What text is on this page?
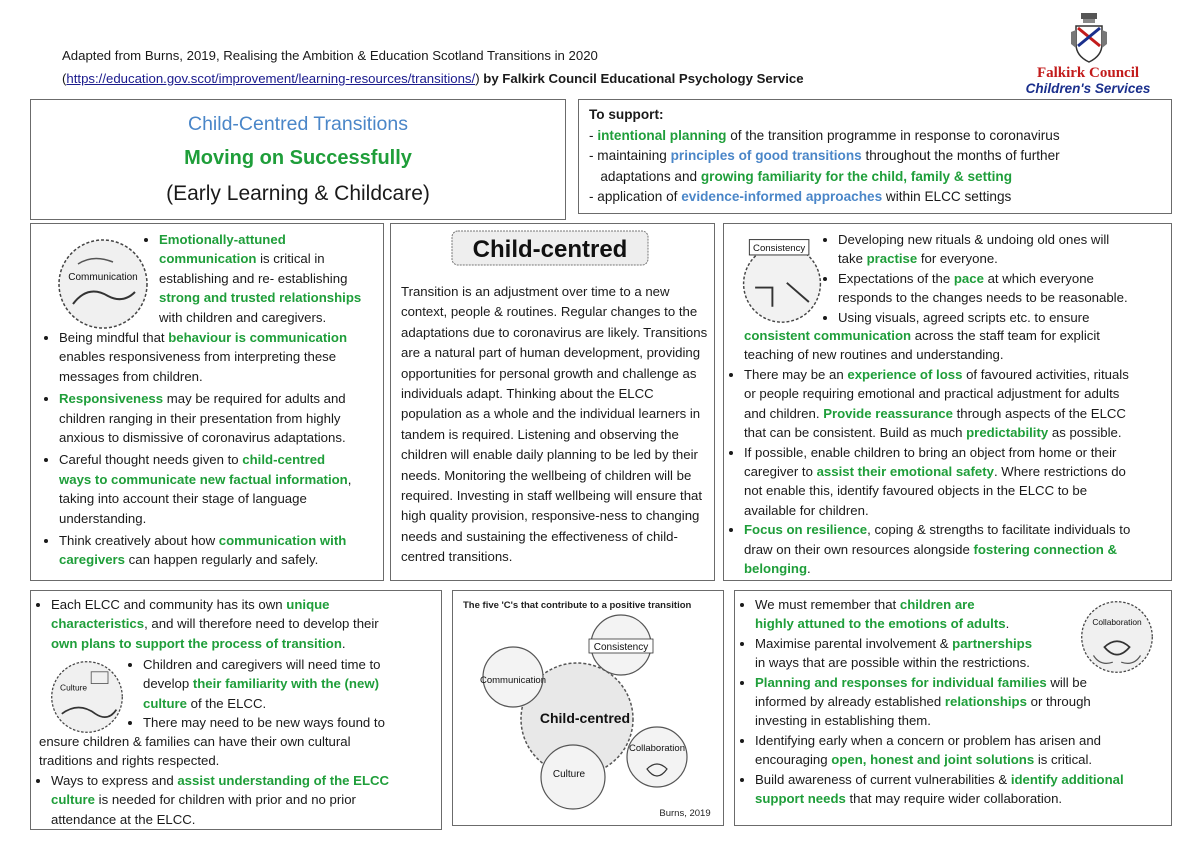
Adapted from Burns, 2019, Realising the Ambition & Education Scotland Transitions in 2020
(https://education.gov.scot/improvement/learning-resources/transitions/) by Falkirk Council Educational Psychology Service	Falkirk Council
Children's Services
Child-Centred Transitions
Moving on Successfully
(Early Learning & Childcare)
To support:
- intentional planning of the transition programme in response to coronavirus
- maintaining principles of good transitions throughout the months of further
adaptations and growing familiarity for the child, family & setting
- application of evidence-informed approaches within ELCC settings
Communication
• Emotionally-attuned
communication is critical in
establishing and re- establishing
strong and trusted relationships
with children and caregivers.
• Being mindful that behaviour is communication
enables responsiveness from interpreting these
messages from children.
• Responsiveness may be required for adults and
children ranging in their presentation from highly
anxious to dismissive of coronavirus adaptations.
• Careful thought needs given to child-centred
ways to communicate new factual information,
taking into account their stage of language
understanding.
• Think creatively about how communication with
caregivers can happen regularly and safely.
Child-centred
Transition is an adjustment over time to a new context, people & routines. Regular changes to the adaptations due to coronavirus are likely. Transitions are a natural part of human development, providing opportunities for personal growth and challenge as individuals adapt. Thinking about the ELCC population as a whole and the individual learners in tandem is required. Listening and observing the children will enable daily planning to be led by their needs. Monitoring the wellbeing of children will be required. Investing in staff wellbeing will ensure that high quality provision, responsive-ness to changing needs and sustaining the effectiveness of child-centred transitions.
Consistency
• Developing new rituals & undoing old ones will
take practise for everyone.
• Expectations of the pace at which everyone
responds to the changes needs to be reasonable.
• Using visuals, agreed scripts etc. to ensure
consistent communication across the staff team for explicit
teaching of new routines and understanding.
• There may be an experience of loss of favoured activities, rituals
or people requiring emotional and practical adjustment for adults
and children. Provide reassurance through aspects of the ELCC
that can be consistent. Build as much predictability as possible.
• If possible, enable children to bring an object from home or their
caregiver to assist their emotional safety. Where restrictions do
not enable this, identify favoured objects in the ELCC to be
available for children.
• Focus on resilience, coping & strengths to facilitate individuals to
draw on their own resources alongside fostering connection &
belonging.
• Each ELCC and community has its own unique
characteristics, and will therefore need to develop their
own plans to support the process of transition.
Culture
• Children and caregivers will need time to
develop their familiarity with the (new)
culture of the ELCC.
• There may need to be new ways found to
ensure children & families can have their own cultural
traditions and rights respected.
• Ways to express and assist understanding of the ELCC
culture is needed for children with prior and no prior
attendance at the ELCC.
The five 'C's that contribute to a positive transition
Consistency
Communication
Child-centred
Collaboration
Culture
Burns, 2019
Collaboration
• We must remember that children are
highly attuned to the emotions of adults.
• Maximise parental involvement & partnerships
in ways that are possible within the restrictions.
• Planning and responses for individual families will be
informed by already established relationships or through
investing in establishing them.
• Identifying early when a concern or problem has arisen and
encouraging open, honest and joint solutions is critical.
• Build awareness of current vulnerabilities & identify additional
support needs that may require wider collaboration.
